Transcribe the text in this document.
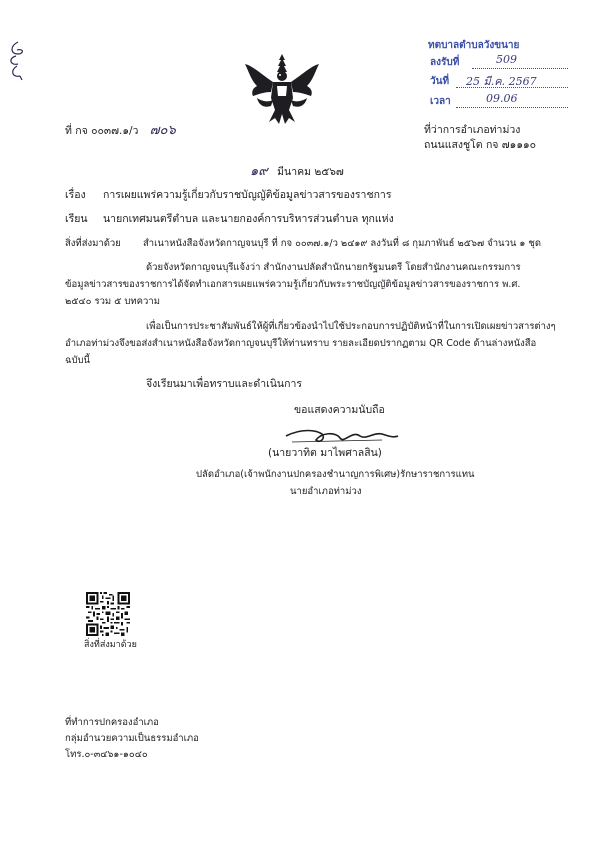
ทตบาลตำบลวังขนาย
ลงรับที่	509
วันที่ 25 มี.ค. 2567
เวลา	09.06
ที่ กจ ๐๐๓๗.๑/ว ๗๐๖	ที่ว่าการอำเภอท่าม่วง
ถนนแสงชูโต กจ ๗๑๑๑๐
๑๙ มีนาคม ๒๕๖๗
เรื่อง การเผยแพร่ความรู้เกี่ยวกับราชบัญญัติข้อมูลข่าวสารของราชการ
เรียน นายกเทศมนตรีตำบล และนายกองค์การบริหารส่วนตำบล ทุกแห่ง
สิ่งที่ส่งมาด้วย สำเนาหนังสือจังหวัดกาญจนบุรี ที่ กจ ๐๐๓๗.๑/ว ๒๔๑๙ ลงวันที่ ๘ กุมภาพันธ์ ๒๕๖๗ จำนวน ๑ ชุด
ด้วยจังหวัดกาญจนบุรีแจ้งว่า สำนักงานปลัดสำนักนายกรัฐมนตรี โดยสำนักงานคณะกรรมการ
ข้อมูลข่าวสารของราชการได้จัดทำเอกสารเผยแพร่ความรู้เกี่ยวกับพระราชบัญญัติข้อมูลข่าวสารของราชการ พ.ศ.
๒๕๔๐ รวม ๕ บทความ
เพื่อเป็นการประชาสัมพันธ์ให้ผู้ที่เกี่ยวข้องนำไปใช้ประกอบการปฏิบัติหน้าที่ในการเปิดเผยข่าวสารต่างๆ
อำเภอท่าม่วงจึงขอส่งสำเนาหนังสือจังหวัดกาญจนบุรีให้ท่านทราบ รายละเอียดปรากฏตาม QR Code ด้านล่างหนังสือ
ฉบับนี้
จึงเรียนมาเพื่อทราบและดำเนินการ
ขอแสดงความนับถือ
(นายวาทิต มาไพศาลสิน)
ปลัดอำเภอ(เจ้าพนักงานปกครองชำนาญการพิเศษ)รักษาราชการแทน
นายอำเภอท่าม่วง
สิ่งที่ส่งมาด้วย
ที่ทำการปกครองอำเภอ
กลุ่มอำนวยความเป็นธรรมอำเภอ
โทร.๐-๓๔๖๑-๑๐๔๐
